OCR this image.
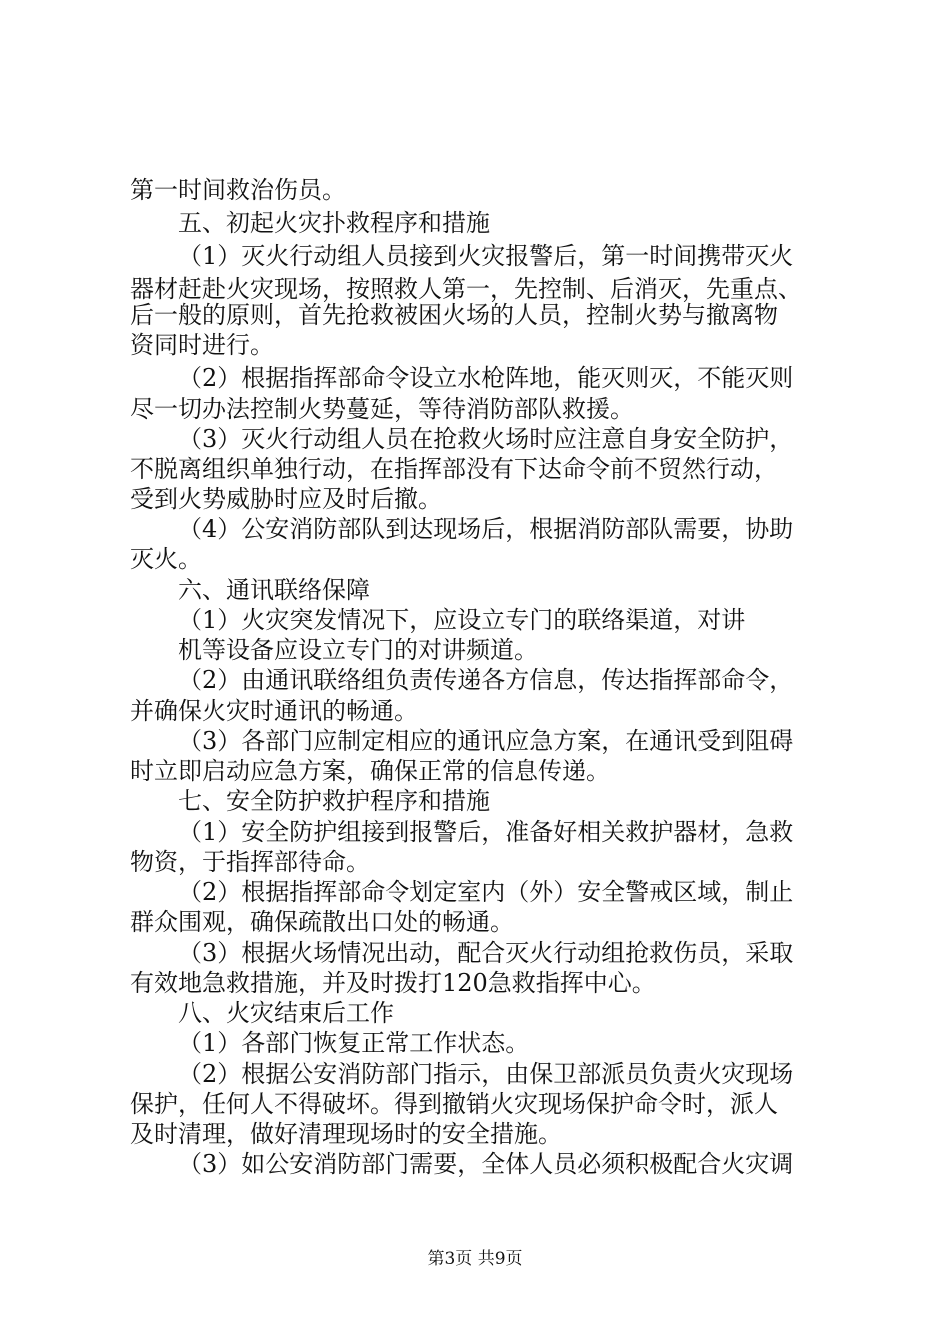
第一时间救治伤员。
五、初起火灾扑救程序和措施
（1）灭火行动组人员接到火灾报警后，第一时间携带灭火
器材赶赴火灾现场，按照救人第一，先控制、后消灭，先重点、
后一般的原则，首先抢救被困火场的人员，控制火势与撤离物
资同时进行。
（2）根据指挥部命令设立水枪阵地，能灭则灭，不能灭则
尽一切办法控制火势蔓延，等待消防部队救援。
（3）灭火行动组人员在抢救火场时应注意自身安全防护，
不脱离组织单独行动，在指挥部没有下达命令前不贸然行动，
受到火势威胁时应及时后撤。
（4）公安消防部队到达现场后，根据消防部队需要，协助
灭火。
六、通讯联络保障
（1）火灾突发情况下，应设立专门的联络渠道，对讲
机等设备应设立专门的对讲频道。
（2）由通讯联络组负责传递各方信息，传达指挥部命令，
并确保火灾时通讯的畅通。
（3）各部门应制定相应的通讯应急方案，在通讯受到阻碍
时立即启动应急方案，确保正常的信息传递。
七、安全防护救护程序和措施
（1）安全防护组接到报警后，准备好相关救护器材，急救
物资，于指挥部待命。
（2）根据指挥部命令划定室内（外）安全警戒区域，制止
群众围观，确保疏散出口处的畅通。
（3）根据火场情况出动，配合灭火行动组抢救伤员，采取
有效地急救措施，并及时拨打120急救指挥中心。
八、火灾结束后工作
（1）各部门恢复正常工作状态。
（2）根据公安消防部门指示，由保卫部派员负责火灾现场
保护，任何人不得破坏。得到撤销火灾现场保护命令时，派人
及时清理，做好清理现场时的安全措施。
（3）如公安消防部门需要，全体人员必须积极配合火灾调
第3页 共9页
